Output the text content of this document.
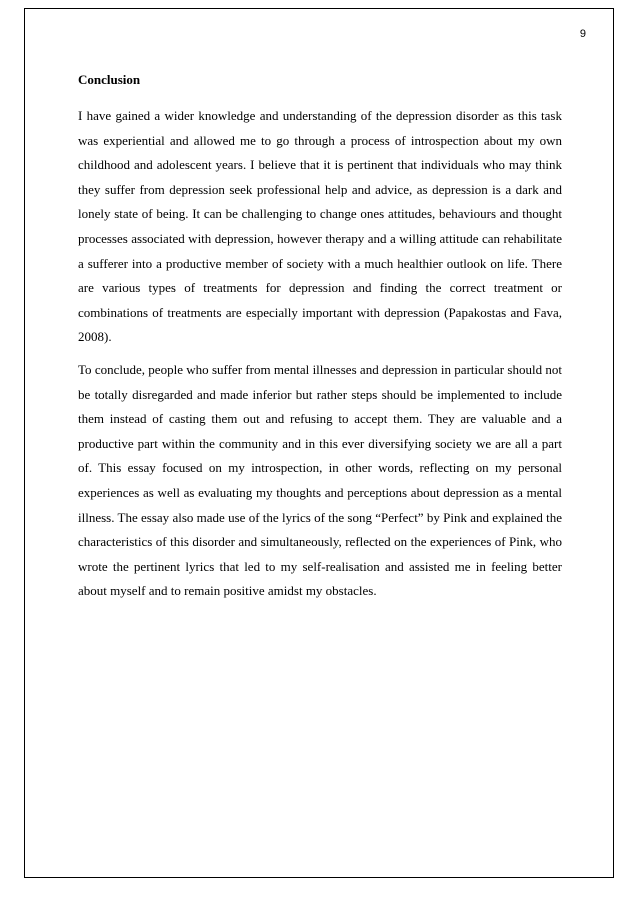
9
Conclusion

I have gained a wider knowledge and understanding of the depression disorder as this task was experiential and allowed me to go through a process of introspection about my own childhood and adolescent years. I believe that it is pertinent that individuals who may think they suffer from depression seek professional help and advice, as depression is a dark and lonely state of being. It can be challenging to change ones attitudes, behaviours and thought processes associated with depression, however therapy and a willing attitude can rehabilitate a sufferer into a productive member of society with a much healthier outlook on life. There are various types of treatments for depression and finding the correct treatment or combinations of treatments are especially important with depression (Papakostas and Fava, 2008).

To conclude, people who suffer from mental illnesses and depression in particular should not be totally disregarded and made inferior but rather steps should be implemented to include them instead of casting them out and refusing to accept them. They are valuable and a productive part within the community and in this ever diversifying society we are all a part of. This essay focused on my introspection, in other words, reflecting on my personal experiences as well as evaluating my thoughts and perceptions about depression as a mental illness. The essay also made use of the lyrics of the song “Perfect” by Pink and explained the characteristics of this disorder and simultaneously, reflected on the experiences of Pink, who wrote the pertinent lyrics that led to my self-realisation and assisted me in feeling better about myself and to remain positive amidst my obstacles.
